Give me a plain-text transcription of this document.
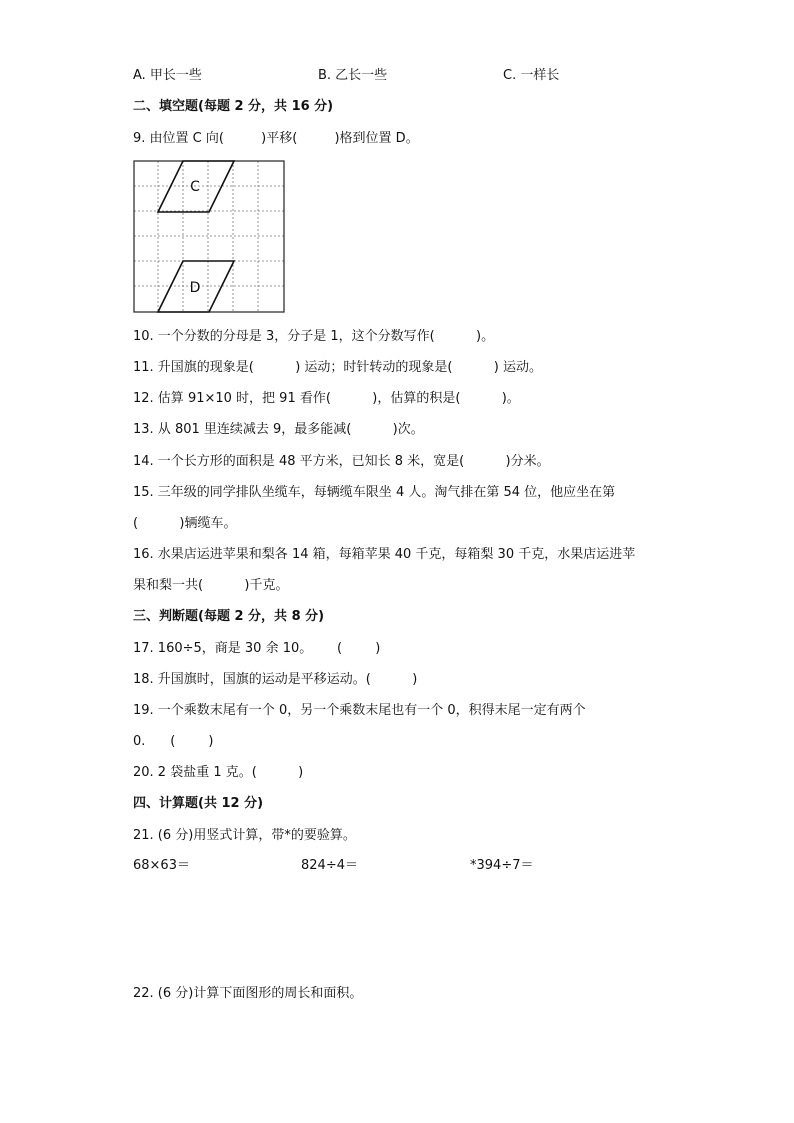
A. 甲长一些	B. 乙长一些	C. 一样长
二、填空题(每题 2 分，共 16 分)
9. 由位置 C 向(         )平移(         )格到位置 D。
C
D
10. 一个分数的分母是 3，分子是 1，这个分数写作(          )。
11. 升国旗的现象是(          ) 运动；时针转动的现象是(          ) 运动。
12. 估算 91×10 时，把 91 看作(          )，估算的积是(          )。
13. 从 801 里连续减去 9，最多能减(          )次。
14. 一个长方形的面积是 48 平方米，已知长 8 米，宽是(          )分米。
15. 三年级的同学排队坐缆车，每辆缆车限坐 4 人。淘气排在第 54 位，他应坐在第
(          )辆缆车。
16. 水果店运进苹果和梨各 14 箱，每箱苹果 40 千克，每箱梨 30 千克，水果店运进苹
果和梨一共(          )千克。
三、判断题(每题 2 分，共 8 分)
17. 160÷5，商是 30 余 10。      (        )
18. 升国旗时，国旗的运动是平移运动。(          )
19. 一个乘数末尾有一个 0，另一个乘数末尾也有一个 0，积得末尾一定有两个
0.      (        )
20. 2 袋盐重 1 克。(          )
四、计算题(共 12 分)
21. (6 分)用竖式计算，带*的要验算。
68×63＝	824÷4＝	*394÷7＝
22. (6 分)计算下面图形的周长和面积。
